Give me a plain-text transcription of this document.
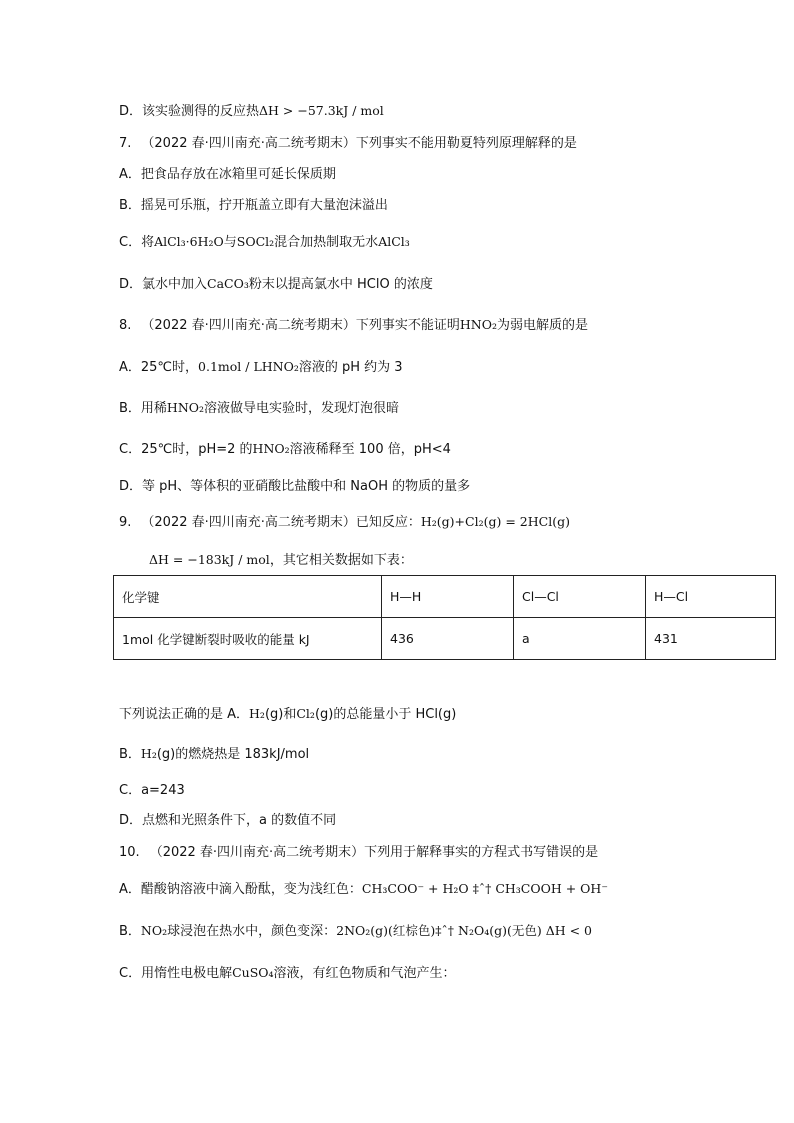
D．该实验测得的反应热ΔH > −57.3kJ / mol
7. （2022 春·四川南充·高二统考期末）下列事实不能用勒夏特列原理解释的是
A．把食品存放在冰箱里可延长保质期
B．摇晃可乐瓶，拧开瓶盖立即有大量泡沫溢出
C．将AlCl₃·6H₂O与SOCl₂混合加热制取无水AlCl₃
D．氯水中加入CaCO₃粉末以提高氯水中 HClO 的浓度
8. （2022 春·四川南充·高二统考期末）下列事实不能证明HNO₂为弱电解质的是
A．25℃时，0.1mol / LHNO₂溶液的 pH 约为 3
B．用稀HNO₂溶液做导电实验时，发现灯泡很暗
C．25℃时，pH=2 的HNO₂溶液稀释至 100 倍，pH<4
D．等 pH、等体积的亚硝酸比盐酸中和 NaOH 的物质的量多
9. （2022 春·四川南充·高二统考期末）已知反应：H₂(g)+Cl₂(g) = 2HCl(g)
ΔH = −183kJ / mol，其它相关数据如下表：
化学键	H—H	Cl—Cl	H—Cl
1mol 化学键断裂时吸收的能量 kJ	436	a	431
下列说法正确的是 A．H₂(g)和Cl₂(g)的总能量小于 HCl(g)
B．H₂(g)的燃烧热是 183kJ/mol
C．a=243
D．点燃和光照条件下，a 的数值不同
10. （2022 春·四川南充·高二统考期末）下列用于解释事实的方程式书写错误的是
A．醋酸钠溶液中滴入酚酞，变为浅红色：CH₃COO⁻ + H₂O ‡ˆ† CH₃COOH + OH⁻
B．NO₂球浸泡在热水中，颜色变深：2NO₂(g)(红棕色)‡ˆ† N₂O₄(g)(无色) ΔH < 0
C．用惰性电极电解CuSO₄溶液，有红色物质和气泡产生：
